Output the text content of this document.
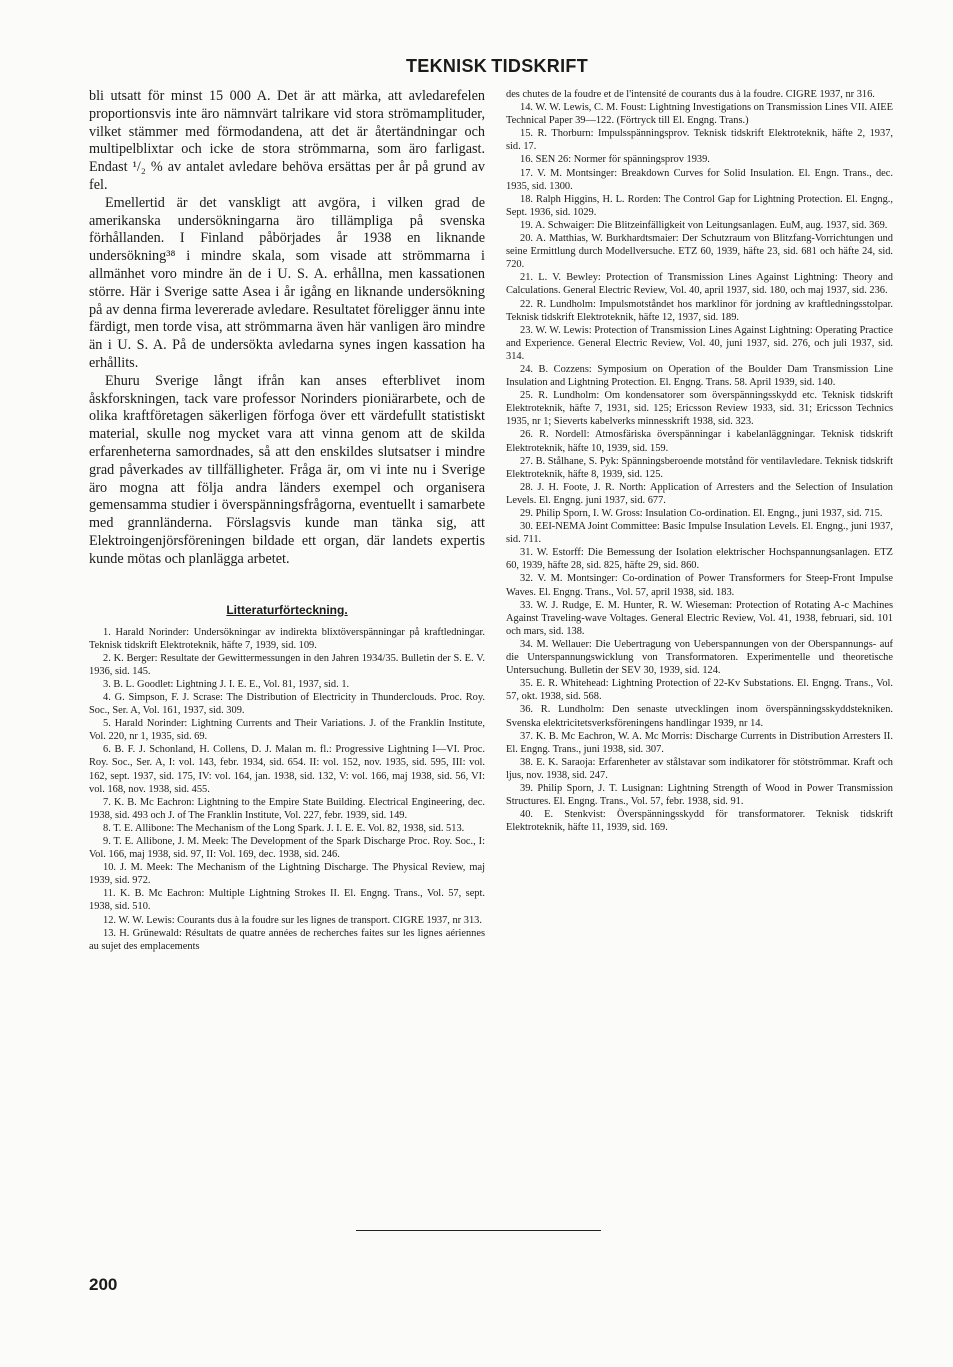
TEKNISK TIDSKRIFT

bli utsatt för minst 15 000 A. Det är att märka, att avledarefelen proportionsvis inte äro nämnvärt talrikare vid stora strömamplituder, vilket stämmer med förmodandena, att det är återtändningar och multipelblixtar och icke de stora strömmarna, som äro farligast. Endast ¹/₂ % av antalet avledare behöva ersättas per år på grund av fel.

Emellertid är det vanskligt att avgöra, i vilken grad de amerikanska undersökningarna äro tillämpliga på svenska förhållanden. I Finland påbörjades år 1938 en liknande undersökning³⁸ i mindre skala, som visade att strömmarna i allmänhet voro mindre än de i U. S. A. erhållna, men kassationen större. Här i Sverige satte Asea i år igång en liknande undersökning på av denna firma levererade avledare. Resultatet föreligger ännu inte färdigt, men torde visa, att strömmarna även här vanligen äro mindre än i U. S. A. På de undersökta avledarna synes ingen kassation ha erhållits.

Ehuru Sverige långt ifrån kan anses efterblivet inom åskforskningen, tack vare professor Norinders pioniärarbete, och de olika kraftföretagen säkerligen förfoga över ett värdefullt statistiskt material, skulle nog mycket vara att vinna genom att de skilda erfarenheterna samordnades, så att den enskildes slutsatser i mindre grad påverkades av tillfälligheter. Fråga är, om vi inte nu i Sverige äro mogna att följa andra länders exempel och organisera gemensamma studier i överspänningsfrågorna, eventuellt i samarbete med grannländerna. Förslagsvis kunde man tänka sig, att Elektroingenjörsföreningen bildade ett organ, där landets expertis kunde mötas och planlägga arbetet.

Litteraturförteckning.

1. Harald Norinder: Undersökningar av indirekta blixtöverspänningar på kraftledningar. Teknisk tidskrift Elektroteknik, häfte 7, 1939, sid. 109.

2. K. Berger: Resultate der Gewittermessungen in den Jahren 1934/35. Bulletin der S. E. V. 1936, sid. 145.

3. B. L. Goodlet: Lightning J. I. E. E., Vol. 81, 1937, sid. 1.

4. G. Simpson, F. J. Scrase: The Distribution of Electricity in Thunderclouds. Proc. Roy. Soc., Ser. A, Vol. 161, 1937, sid. 309.

5. Harald Norinder: Lightning Currents and Their Variations. J. of the Franklin Institute, Vol. 220, nr 1, 1935, sid. 69.

6. B. F. J. Schonland, H. Collens, D. J. Malan m. fl.: Progressive Lightning I—VI. Proc. Roy. Soc., Ser. A, I: vol. 143, febr. 1934, sid. 654. II: vol. 152, nov. 1935, sid. 595, III: vol. 162, sept. 1937, sid. 175, IV: vol. 164, jan. 1938, sid. 132, V: vol. 166, maj 1938, sid. 56, VI: vol. 168, nov. 1938, sid. 455.

7. K. B. Mc Eachron: Lightning to the Empire State Building. Electrical Engineering, dec. 1938, sid. 493 och J. of The Franklin Institute, Vol. 227, febr. 1939, sid. 149.

8. T. E. Allibone: The Mechanism of the Long Spark. J. I. E. E. Vol. 82, 1938, sid. 513.

9. T. E. Allibone, J. M. Meek: The Development of the Spark Discharge Proc. Roy. Soc., I: Vol. 166, maj 1938, sid. 97, II: Vol. 169, dec. 1938, sid. 246.

10. J. M. Meek: The Mechanism of the Lightning Discharge. The Physical Review, maj 1939, sid. 972.

11. K. B. Mc Eachron: Multiple Lightning Strokes II. El. Engng. Trans., Vol. 57, sept. 1938, sid. 510.

12. W. W. Lewis: Courants dus à la foudre sur les lignes de transport. CIGRE 1937, nr 313.

13. H. Grünewald: Résultats de quatre années de recherches faites sur les lignes aériennes au sujet des emplacements

des chutes de la foudre et de l'intensité de courants dus à la foudre. CIGRE 1937, nr 316.

14. W. W. Lewis, C. M. Foust: Lightning Investigations on Transmission Lines VII. AIEE Technical Paper 39—122. (Förtryck till El. Engng. Trans.)

15. R. Thorburn: Impulsspänningsprov. Teknisk tidskrift Elektroteknik, häfte 2, 1937, sid. 17.

16. SEN 26: Normer för spänningsprov 1939.

17. V. M. Montsinger: Breakdown Curves for Solid Insulation. El. Engn. Trans., dec. 1935, sid. 1300.

18. Ralph Higgins, H. L. Rorden: The Control Gap for Lightning Protection. El. Engng., Sept. 1936, sid. 1029.

19. A. Schwaiger: Die Blitzeinfälligkeit von Leitungsanlagen. EuM, aug. 1937, sid. 369.

20. A. Matthias, W. Burkhardtsmaier: Der Schutzraum von Blitzfang-Vorrichtungen und seine Ermittlung durch Modellversuche. ETZ 60, 1939, häfte 23, sid. 681 och häfte 24, sid. 720.

21. L. V. Bewley: Protection of Transmission Lines Against Lightning: Theory and Calculations. General Electric Review, Vol. 40, april 1937, sid. 180, och maj 1937, sid. 236.

22. R. Lundholm: Impulsmotståndet hos marklinor för jordning av kraftledningsstolpar. Teknisk tidskrift Elektroteknik, häfte 12, 1937, sid. 189.

23. W. W. Lewis: Protection of Transmission Lines Against Lightning: Operating Practice and Experience. General Electric Review, Vol. 40, juni 1937, sid. 276, och juli 1937, sid. 314.

24. B. Cozzens: Symposium on Operation of the Boulder Dam Transmission Line Insulation and Lightning Protection. El. Engng. Trans. 58. April 1939, sid. 140.

25. R. Lundholm: Om kondensatorer som överspänningsskydd etc. Teknisk tidskrift Elektroteknik, häfte 7, 1931, sid. 125; Ericsson Review 1933, sid. 31; Ericsson Technics 1935, nr 1; Sieverts kabelverks minnesskrift 1938, sid. 323.

26. R. Nordell: Atmosfäriska överspänningar i kabelanläggningar. Teknisk tidskrift Elektroteknik, häfte 10, 1939, sid. 159.

27. B. Stålhane, S. Pyk: Spänningsberoende motstånd för ventilavledare. Teknisk tidskrift Elektroteknik, häfte 8, 1939, sid. 125.

28. J. H. Foote, J. R. North: Application of Arresters and the Selection of Insulation Levels. El. Engng. juni 1937, sid. 677.

29. Philip Sporn, I. W. Gross: Insulation Co-ordination. El. Engng., juni 1937, sid. 715.

30. EEI-NEMA Joint Committee: Basic Impulse Insulation Levels. El. Engng., juni 1937, sid. 711.

31. W. Estorff: Die Bemessung der Isolation elektrischer Hochspannungsanlagen. ETZ 60, 1939, häfte 28, sid. 825, häfte 29, sid. 860.

32. V. M. Montsinger: Co-ordination of Power Transformers for Steep-Front Impulse Waves. El. Engng. Trans., Vol. 57, april 1938, sid. 183.

33. W. J. Rudge, E. M. Hunter, R. W. Wieseman: Protection of Rotating A-c Machines Against Traveling-wave Voltages. General Electric Review, Vol. 41, 1938, februari, sid. 101 och mars, sid. 138.

34. M. Wellauer: Die Uebertragung von Ueberspannungen von der Oberspannungs- auf die Unterspannungswicklung von Transformatoren. Experimentelle und theoretische Untersuchung. Bulletin der SEV 30, 1939, sid. 124.

35. E. R. Whitehead: Lightning Protection of 22-Kv Substations. El. Engng. Trans., Vol. 57, okt. 1938, sid. 568.

36. R. Lundholm: Den senaste utvecklingen inom överspänningsskyddstekniken. Svenska elektricitetsverksföreningens handlingar 1939, nr 14.

37. K. B. Mc Eachron, W. A. Mc Morris: Discharge Currents in Distribution Arresters II. El. Engng. Trans., juni 1938, sid. 307.

38. E. K. Saraoja: Erfarenheter av stålstavar som indikatorer för stötströmmar. Kraft och ljus, nov. 1938, sid. 247.

39. Philip Sporn, J. T. Lusignan: Lightning Strength of Wood in Power Transmission Structures. El. Engng. Trans., Vol. 57, febr. 1938, sid. 91.

40. E. Stenkvist: Överspänningsskydd för transformatorer. Teknisk tidskrift Elektroteknik, häfte 11, 1939, sid. 169.

200
